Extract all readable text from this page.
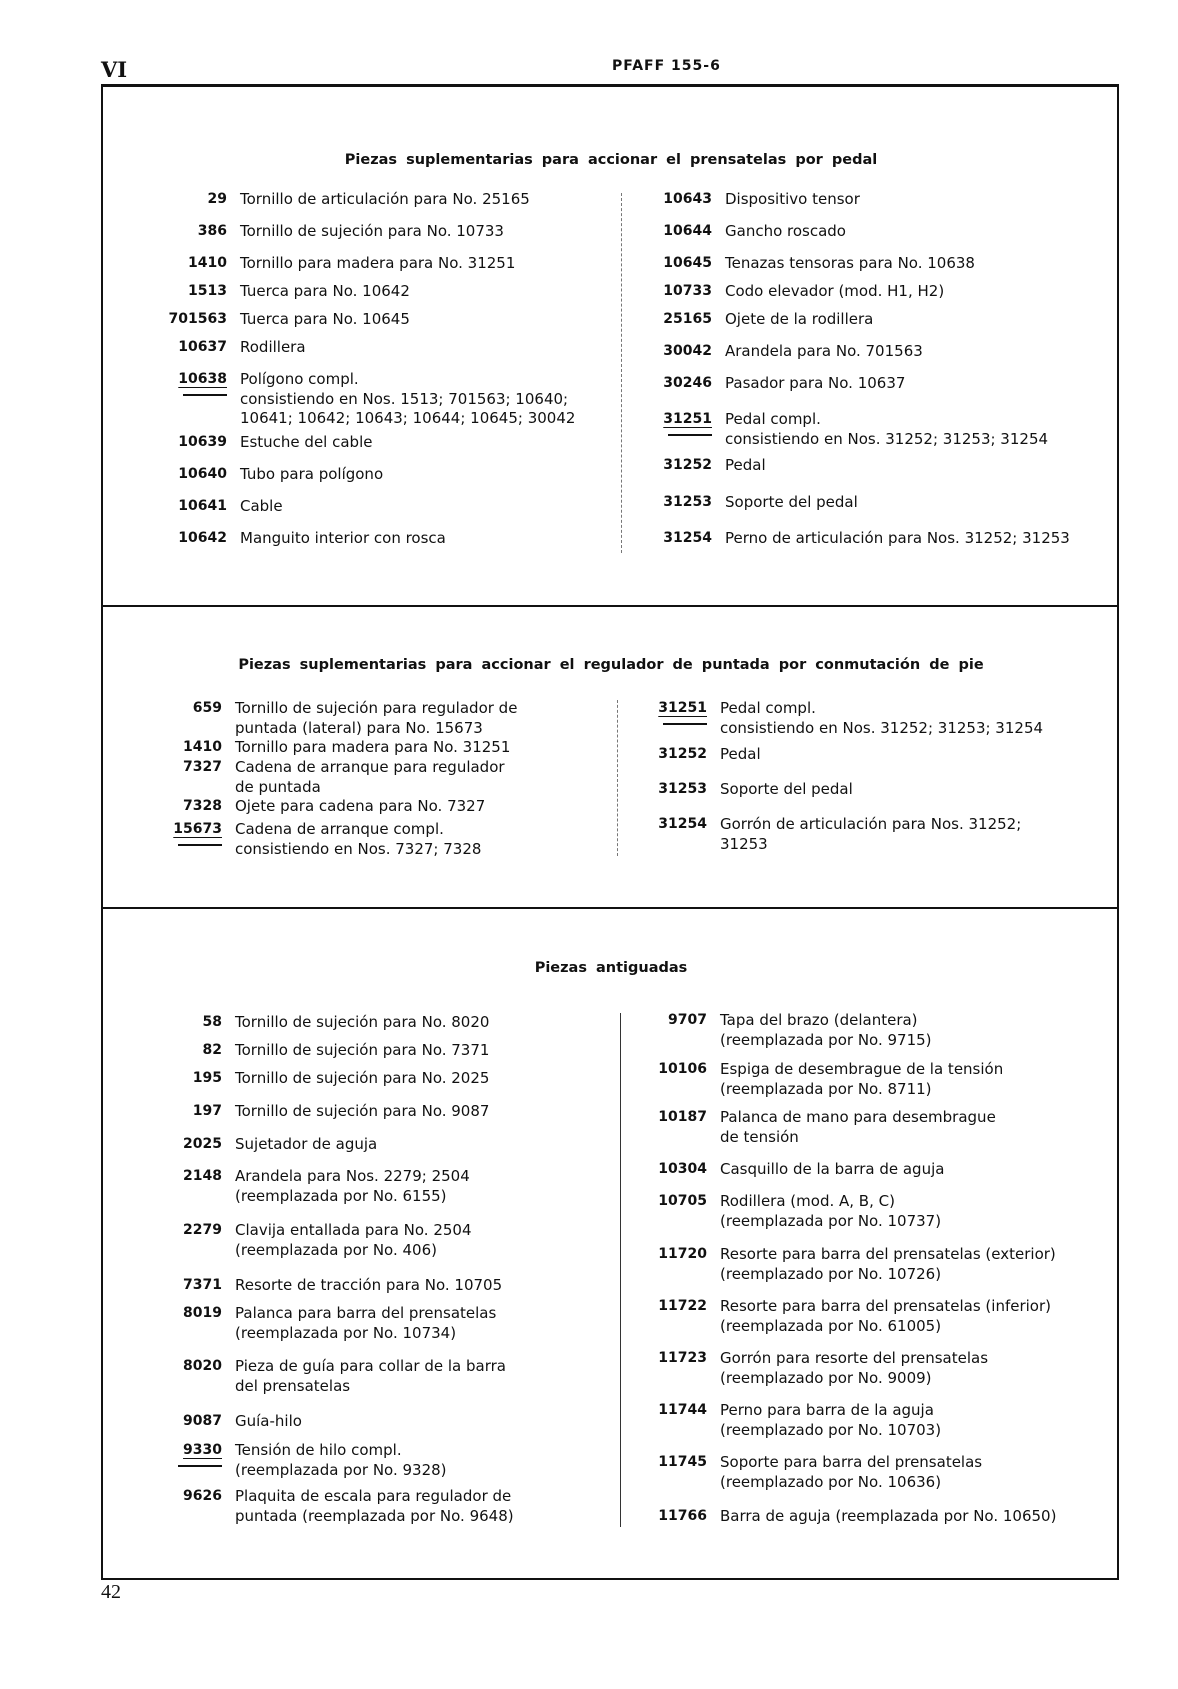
VI	PFAFF 155-6
Piezas suplementarias para accionar el prensatelas por pedal
Piezas suplementarias para accionar el regulador de puntada por conmutación de pie
Piezas antiguadas
42
29 Tornillo de articulación para No. 25165
386 Tornillo de sujeción para No. 10733
1410 Tornillo para madera para No. 31251
1513 Tuerca para No. 10642
701563 Tuerca para No. 10645
10637 Rodillera
10638 Polígono compl.
consistiendo en Nos. 1513; 701563; 10640;
10641; 10642; 10643; 10644; 10645; 30042
10639 Estuche del cable
10640 Tubo para polígono
10641 Cable
10642 Manguito interior con rosca
10643 Dispositivo tensor
10644 Gancho roscado
10645 Tenazas tensoras para No. 10638
10733 Codo elevador (mod. H1, H2)
25165 Ojete de la rodillera
30042 Arandela para No. 701563
30246 Pasador para No. 10637
31251 Pedal compl.
consistiendo en Nos. 31252; 31253; 31254
31252 Pedal
31253 Soporte del pedal
31254 Perno de articulación para Nos. 31252; 31253
659 Tornillo de sujeción para regulador de
puntada (lateral) para No. 15673
1410 Tornillo para madera para No. 31251
7327 Cadena de arranque para regulador
de puntada
7328 Ojete para cadena para No. 7327
15673 Cadena de arranque compl.
consistiendo en Nos. 7327; 7328
31251 Pedal compl.
consistiendo en Nos. 31252; 31253; 31254
31252 Pedal
31253 Soporte del pedal
31254 Gorrón de articulación para Nos. 31252;
31253
58 Tornillo de sujeción para No. 8020
82 Tornillo de sujeción para No. 7371
195 Tornillo de sujeción para No. 2025
197 Tornillo de sujeción para No. 9087
2025 Sujetador de aguja
2148 Arandela para Nos. 2279; 2504
(reemplazada por No. 6155)
2279 Clavija entallada para No. 2504
(reemplazada por No. 406)
7371 Resorte de tracción para No. 10705
8019 Palanca para barra del prensatelas
(reemplazada por No. 10734)
8020 Pieza de guía para collar de la barra
del prensatelas
9087 Guía-hilo
9330 Tensión de hilo compl.
(reemplazada por No. 9328)
9626 Plaquita de escala para regulador de
puntada (reemplazada por No. 9648)
9707 Tapa del brazo (delantera)
(reemplazada por No. 9715)
10106 Espiga de desembrague de la tensión
(reemplazada por No. 8711)
10187 Palanca de mano para desembrague
de tensión
10304 Casquillo de la barra de aguja
10705 Rodillera (mod. A, B, C)
(reemplazada por No. 10737)
11720 Resorte para barra del prensatelas (exterior)
(reemplazado por No. 10726)
11722 Resorte para barra del prensatelas (inferior)
(reemplazada por No. 61005)
11723 Gorrón para resorte del prensatelas
(reemplazado por No. 9009)
11744 Perno para barra de la aguja
(reemplazado por No. 10703)
11745 Soporte para barra del prensatelas
(reemplazado por No. 10636)
11766 Barra de aguja (reemplazada por No. 10650)
